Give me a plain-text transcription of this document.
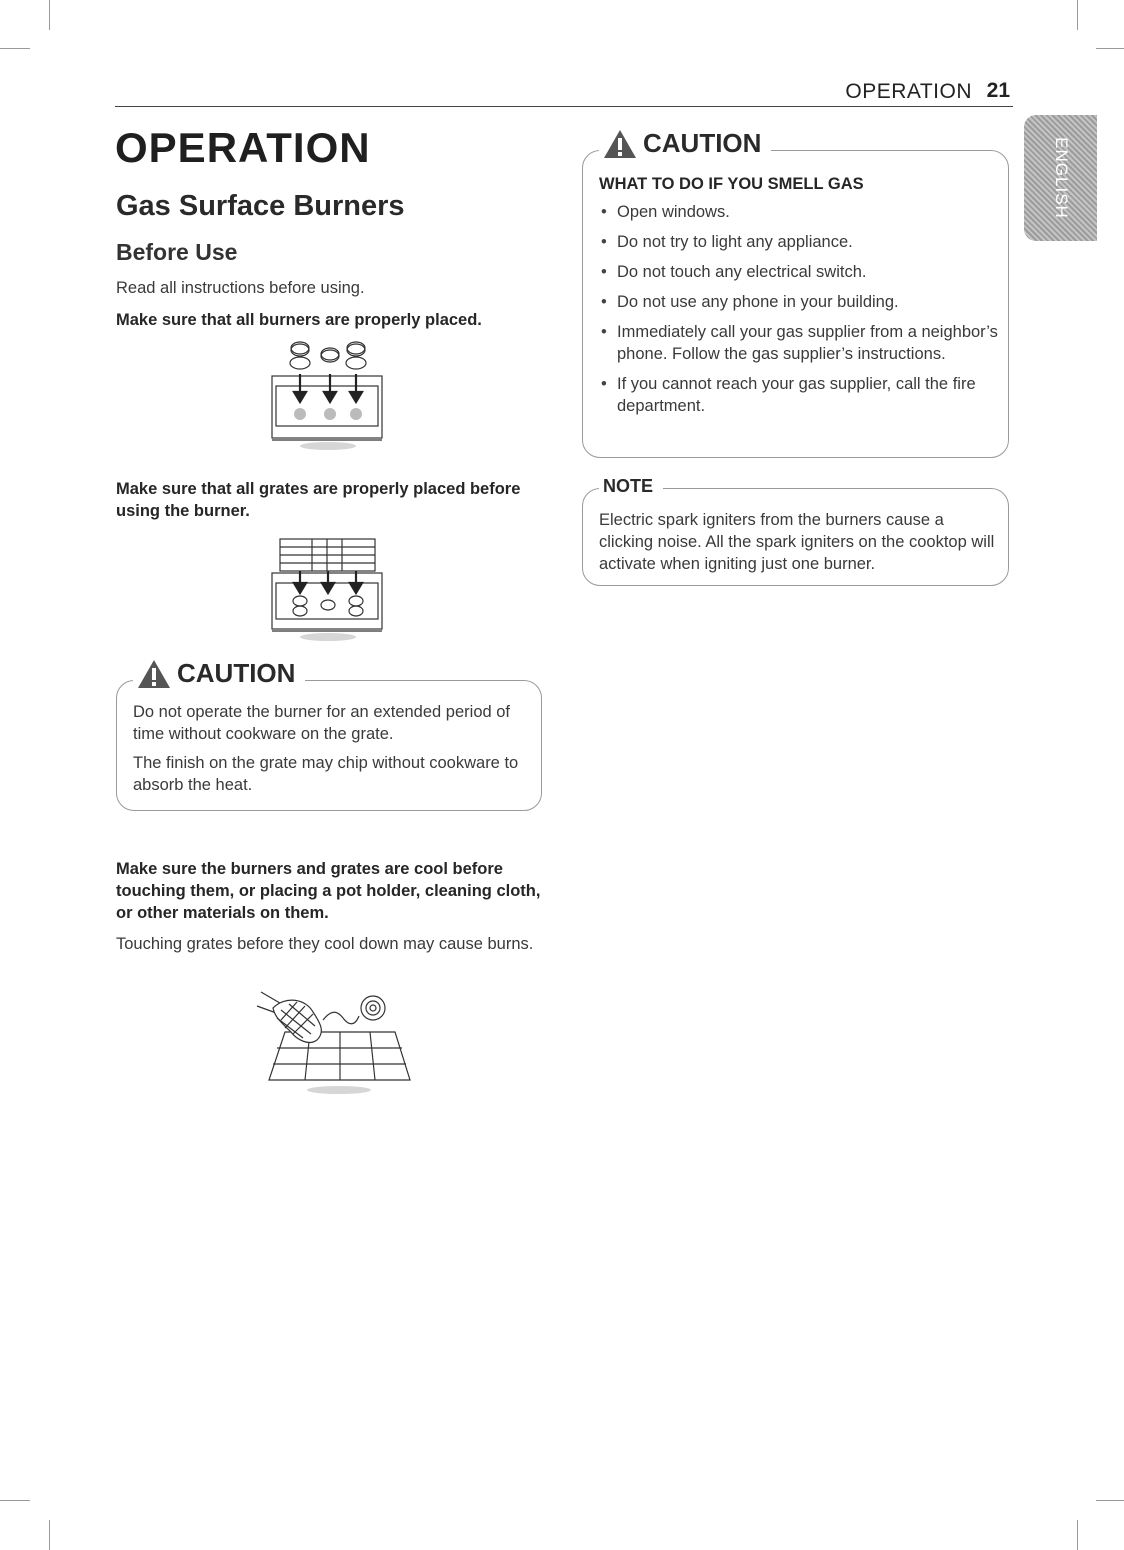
OPERATION 21
ENGLISH
OPERATION
Gas Surface Burners
Before Use

Read all instructions before using.

Make sure that all burners are properly placed.

Make sure that all grates are properly placed before using the burner.

CAUTION

Do not operate the burner for an extended period of time without cookware on the grate.

The finish on the grate may chip without cookware to absorb the heat.

Make sure the burners and grates are cool before touching them, or placing a pot holder, cleaning cloth, or other materials on them.

Touching grates before they cool down may cause burns.

CAUTION
WHAT TO DO IF YOU SMELL GAS
• Open windows.
• Do not try to light any appliance.
• Do not touch any electrical switch.
• Do not use any phone in your building.
• Immediately call your gas supplier from a neighbor’s phone. Follow the gas supplier’s instructions.
• If you cannot reach your gas supplier, call the fire department.
NOTE

Electric spark igniters from the burners cause a clicking noise. All the spark igniters on the cooktop will activate when igniting just one burner.
